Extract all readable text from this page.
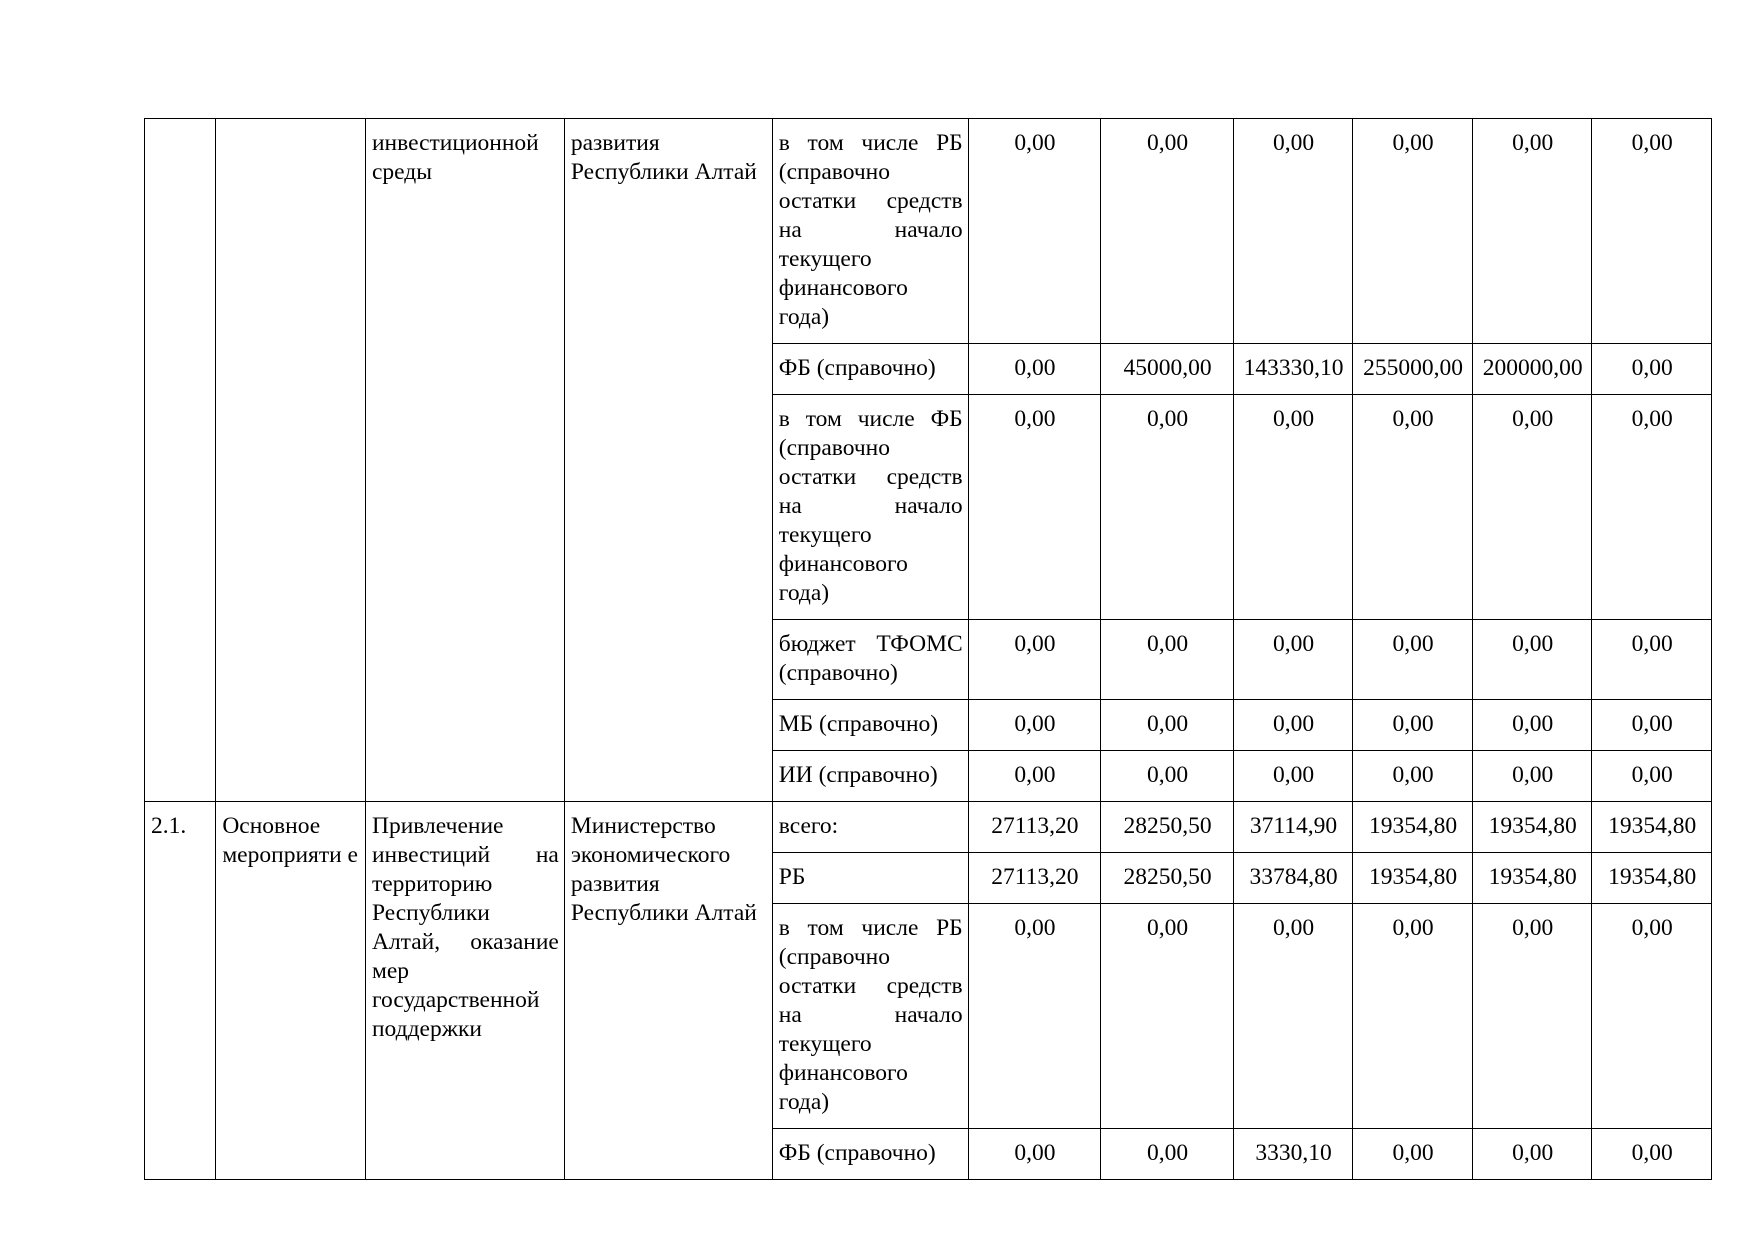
		инвестиционной среды	развития Республики Алтай	в том числе РБ (справочно остатки средств на начало текущего финансового года)	0,00	0,00	0,00	0,00	0,00	0,00
				ФБ (справочно)	0,00	45000,00	143330,10	255000,00	200000,00	0,00
				в том числе ФБ (справочно остатки средств на начало текущего финансового года)	0,00	0,00	0,00	0,00	0,00	0,00
				бюджет ТФОМС (справочно)	0,00	0,00	0,00	0,00	0,00	0,00
				МБ (справочно)	0,00	0,00	0,00	0,00	0,00	0,00
				ИИ (справочно)	0,00	0,00	0,00	0,00	0,00	0,00
2.1.	Основное мероприяти е	Привлечение инвестиций на территорию Республики Алтай, оказание мер государственной поддержки	Министерство экономического развития Республики Алтай	всего:	27113,20	28250,50	37114,90	19354,80	19354,80	19354,80
				РБ	27113,20	28250,50	33784,80	19354,80	19354,80	19354,80
				в том числе РБ (справочно остатки средств на начало текущего финансового года)	0,00	0,00	0,00	0,00	0,00	0,00
				ФБ (справочно)	0,00	0,00	3330,10	0,00	0,00	0,00
